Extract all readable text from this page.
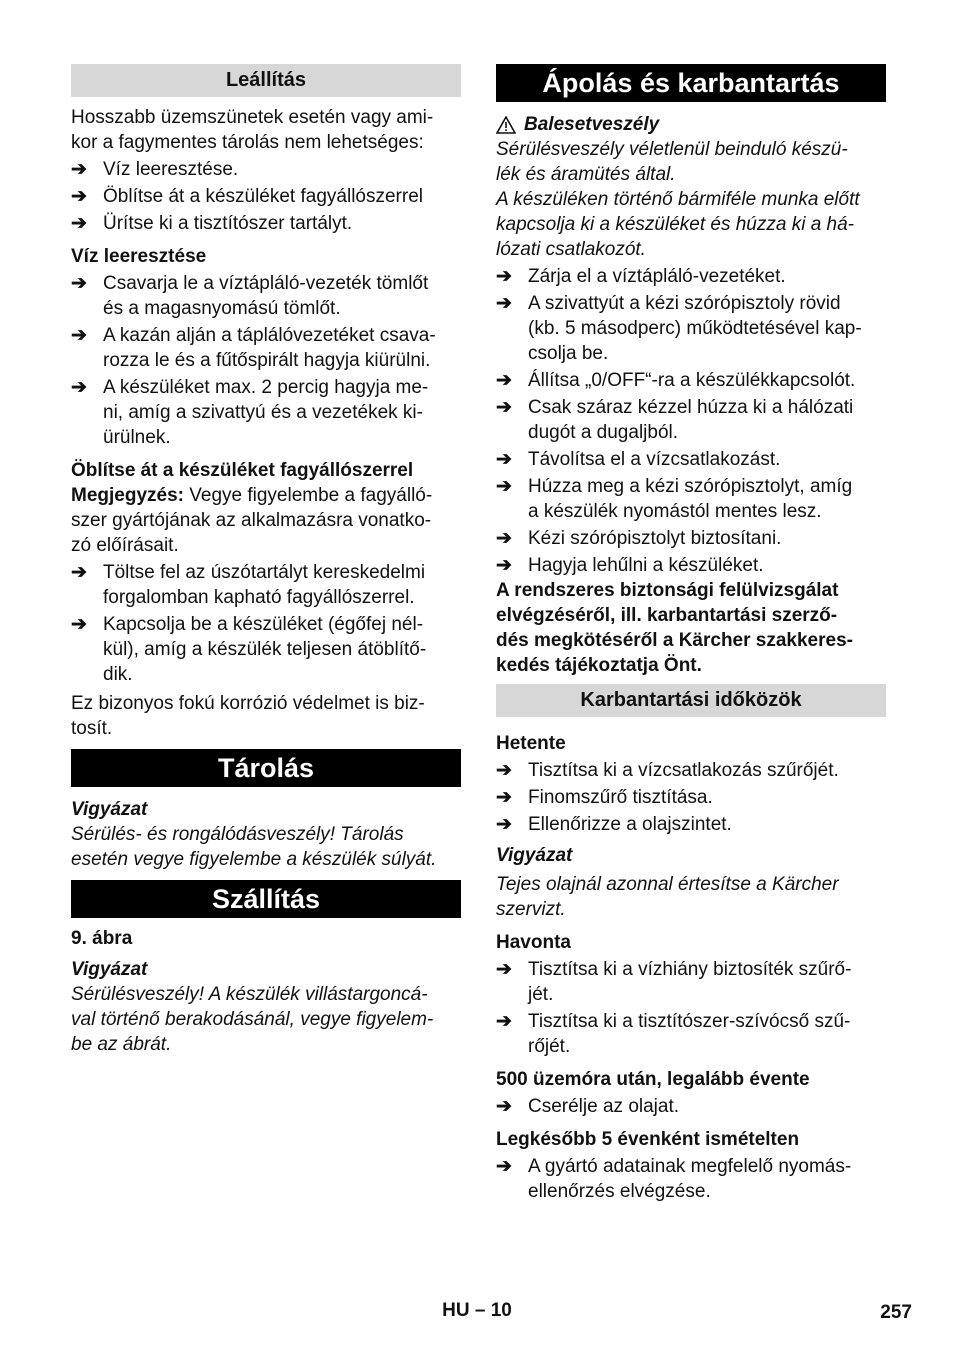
Leállítás

Hosszabb üzemszünetek esetén vagy ami-

kor a fagymentes tárolás nem lehetséges:

➔ Víz leeresztése.
➔ Öblítse át a készüléket fagyállószerrel
➔ Ürítse ki a tisztítószer tartályt.

Víz leeresztése

➔ Csavarja le a víztápláló-vezeték tömlőt
és a magasnyomású tömlőt.
➔ A kazán alján a táplálóvezetéket csava-
rozza le és a fűtőspirált hagyja kiürülni.
➔ A készüléket max. 2 percig hagyja me-
ni, amíg a szivattyú és a vezetékek ki-
ürülnek.

Öblítse át a készüléket fagyállószerrel

Megjegyzés: Vegye figyelembe a fagyálló-
szer gyártójának az alkalmazásra vonatko-
zó előírásait.

➔ Töltse fel az úszótartályt kereskedelmi
forgalomban kapható fagyállószerrel.
➔ Kapcsolja be a készüléket (égőfej nél-
kül), amíg a készülék teljesen átöblítő-
dik.

Ez bizonyos fokú korrózió védelmet is biz-
tosít.

Tárolás

Vigyázat

Sérülés- és rongálódásveszély! Tárolás
esetén vegye figyelembe a készülék súlyát.

Szállítás

9. ábra

Vigyázat

Sérülésveszély! A készülék villástargoncá-
val történő berakodásánál, vegye figyelem-
be az ábrát.

Ápolás és karbantartás
Balesetveszély

Sérülésveszély véletlenül beinduló készü-
lék és áramütés által.
A készüléken történő bármiféle munka előtt
kapcsolja ki a készüléket és húzza ki a há-
lózati csatlakozót.

➔ Zárja el a víztápláló-vezetéket.
➔ A szivattyút a kézi szórópisztoly rövid
(kb. 5 másodperc) működtetésével kap-
csolja be.
➔ Állítsa „0/OFF“-ra a készülékkapcsolót.
➔ Csak száraz kézzel húzza ki a hálózati
dugót a dugaljból.
➔ Távolítsa el a vízcsatlakozást.
➔ Húzza meg a kézi szórópisztolyt, amíg
a készülék nyomástól mentes lesz.
➔ Kézi szórópisztolyt biztosítani.
➔ Hagyja lehűlni a készüléket.

A rendszeres biztonsági felülvizsgálat
elvégzéséről, ill. karbantartási szerző-
dés megkötéséről a Kärcher szakkeres-
kedés tájékoztatja Önt.

Karbantartási időközök

Hetente

➔ Tisztítsa ki a vízcsatlakozás szűrőjét.
➔ Finomszűrő tisztítása.
➔ Ellenőrizze a olajszintet.

Vigyázat

Tejes olajnál azonnal értesítse a Kärcher
szervizt.

Havonta

➔ Tisztítsa ki a vízhiány biztosíték szűrő-
jét.
➔ Tisztítsa ki a tisztítószer-szívócső szű-
rőjét.

500 üzemóra után, legalább évente

➔ Cserélje az olajat.

Legkésőbb 5 évenként ismételten

➔ A gyártó adatainak megfelelő nyomás-
ellenőrzés elvégzése.
HU – 10	257
